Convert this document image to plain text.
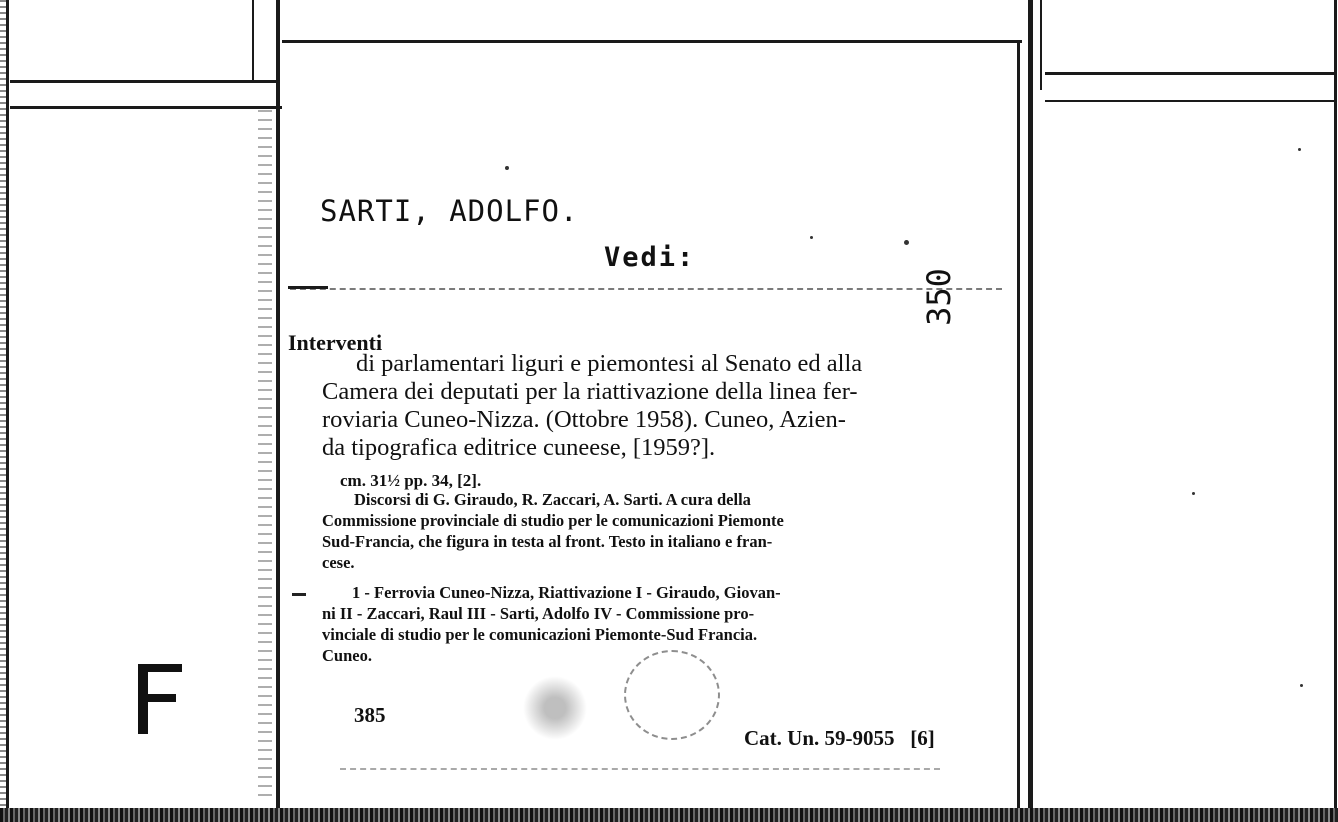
SARTI, ADOLFO.
Vedi:
350
Interventi
di parlamentari liguri e piemontesi al Senato ed alla
Camera dei deputati per la riattivazione della linea fer-
roviaria Cuneo-Nizza. (Ottobre 1958). Cuneo, Azien-
da tipografica editrice cuneese, [1959?].
cm. 31½ pp. 34, [2].
Discorsi di G. Giraudo, R. Zaccari, A. Sarti. A cura della
Commissione provinciale di studio per le comunicazioni Piemonte
Sud-Francia, che figura in testa al front. Testo in italiano e fran-
cese.
1 - Ferrovia Cuneo-Nizza, Riattivazione I - Giraudo, Giovan-
ni II - Zaccari, Raul III - Sarti, Adolfo IV - Commissione pro-
vinciale di studio per le comunicazioni Piemonte-Sud Francia.
Cuneo.
385
Cat. Un. 59-9055   [6]
